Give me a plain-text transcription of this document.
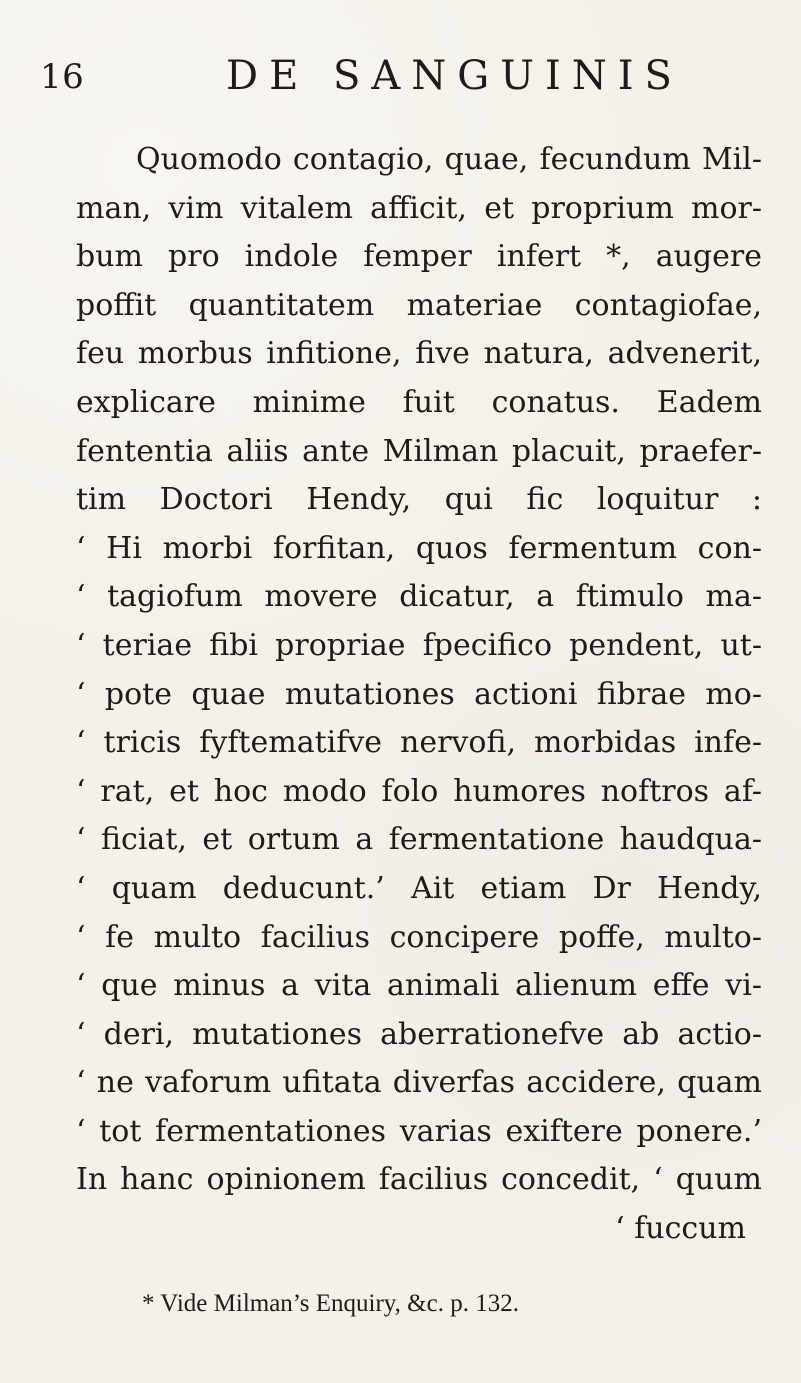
16	DE SANGUINIS
Quomodo contagio, quae, fecundum Mil-
man, vim vitalem afficit, et proprium mor-
bum pro indole femper infert *, augere
poffit quantitatem materiae contagiofae,
feu morbus infitione, five natura, advenerit,
explicare minime fuit conatus. Eadem
fententia aliis ante Milman placuit, praefer-
tim Doctori Hendy, qui fic loquitur :
‘ Hi morbi forfitan, quos fermentum con-
‘ tagiofum movere dicatur, a ftimulo ma-
‘ teriae fibi propriae fpecifico pendent, ut-
‘ pote quae mutationes actioni fibrae mo-
‘ tricis fyftematifve nervofi, morbidas infe-
‘ rat, et hoc modo folo humores noftros af-
‘ ficiat, et ortum a fermentatione haudqua-
‘ quam deducunt.’ Ait etiam Dr Hendy,
‘ fe multo facilius concipere poffe, multo-
‘ que minus a vita animali alienum effe vi-
‘ deri, mutationes aberrationefve ab actio-
‘ ne vaforum ufitata diverfas accidere, quam
‘ tot fermentationes varias exiftere ponere.’
In hanc opinionem facilius concedit, ‘ quum
‘ fuccum
* Vide Milman’s Enquiry, &c. p. 132.
